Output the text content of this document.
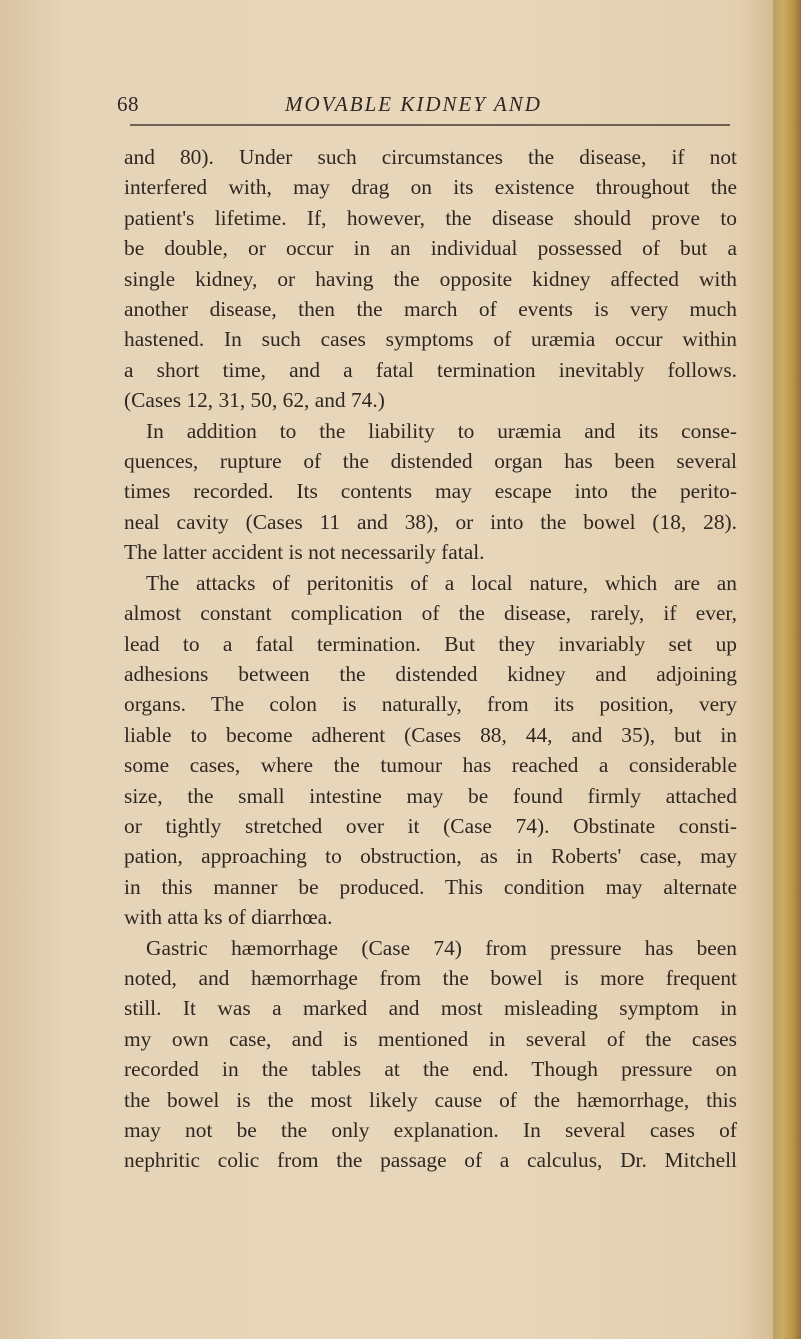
68	MOVABLE KIDNEY AND
and 80). Under such circumstances the disease, if not
interfered with, may drag on its existence throughout the
patient's lifetime. If, however, the disease should prove to
be double, or occur in an individual possessed of but a
single kidney, or having the opposite kidney affected with
another disease, then the march of events is very much
hastened. In such cases symptoms of uræmia occur within
a short time, and a fatal termination inevitably follows.
(Cases 12, 31, 50, 62, and 74.)
In addition to the liability to uræmia and its conse-
quences, rupture of the distended organ has been several
times recorded. Its contents may escape into the perito-
neal cavity (Cases 11 and 38), or into the bowel (18, 28).
The latter accident is not necessarily fatal.
The attacks of peritonitis of a local nature, which are an
almost constant complication of the disease, rarely, if ever,
lead to a fatal termination. But they invariably set up
adhesions between the distended kidney and adjoining
organs. The colon is naturally, from its position, very
liable to become adherent (Cases 88, 44, and 35), but in
some cases, where the tumour has reached a considerable
size, the small intestine may be found firmly attached
or tightly stretched over it (Case 74). Obstinate consti-
pation, approaching to obstruction, as in Roberts' case, may
in this manner be produced. This condition may alternate
with atta ks of diarrhœa.
Gastric hæmorrhage (Case 74) from pressure has been
noted, and hæmorrhage from the bowel is more frequent
still. It was a marked and most misleading symptom in
my own case, and is mentioned in several of the cases
recorded in the tables at the end. Though pressure on
the bowel is the most likely cause of the hæmorrhage, this
may not be the only explanation. In several cases of
nephritic colic from the passage of a calculus, Dr. Mitchell
